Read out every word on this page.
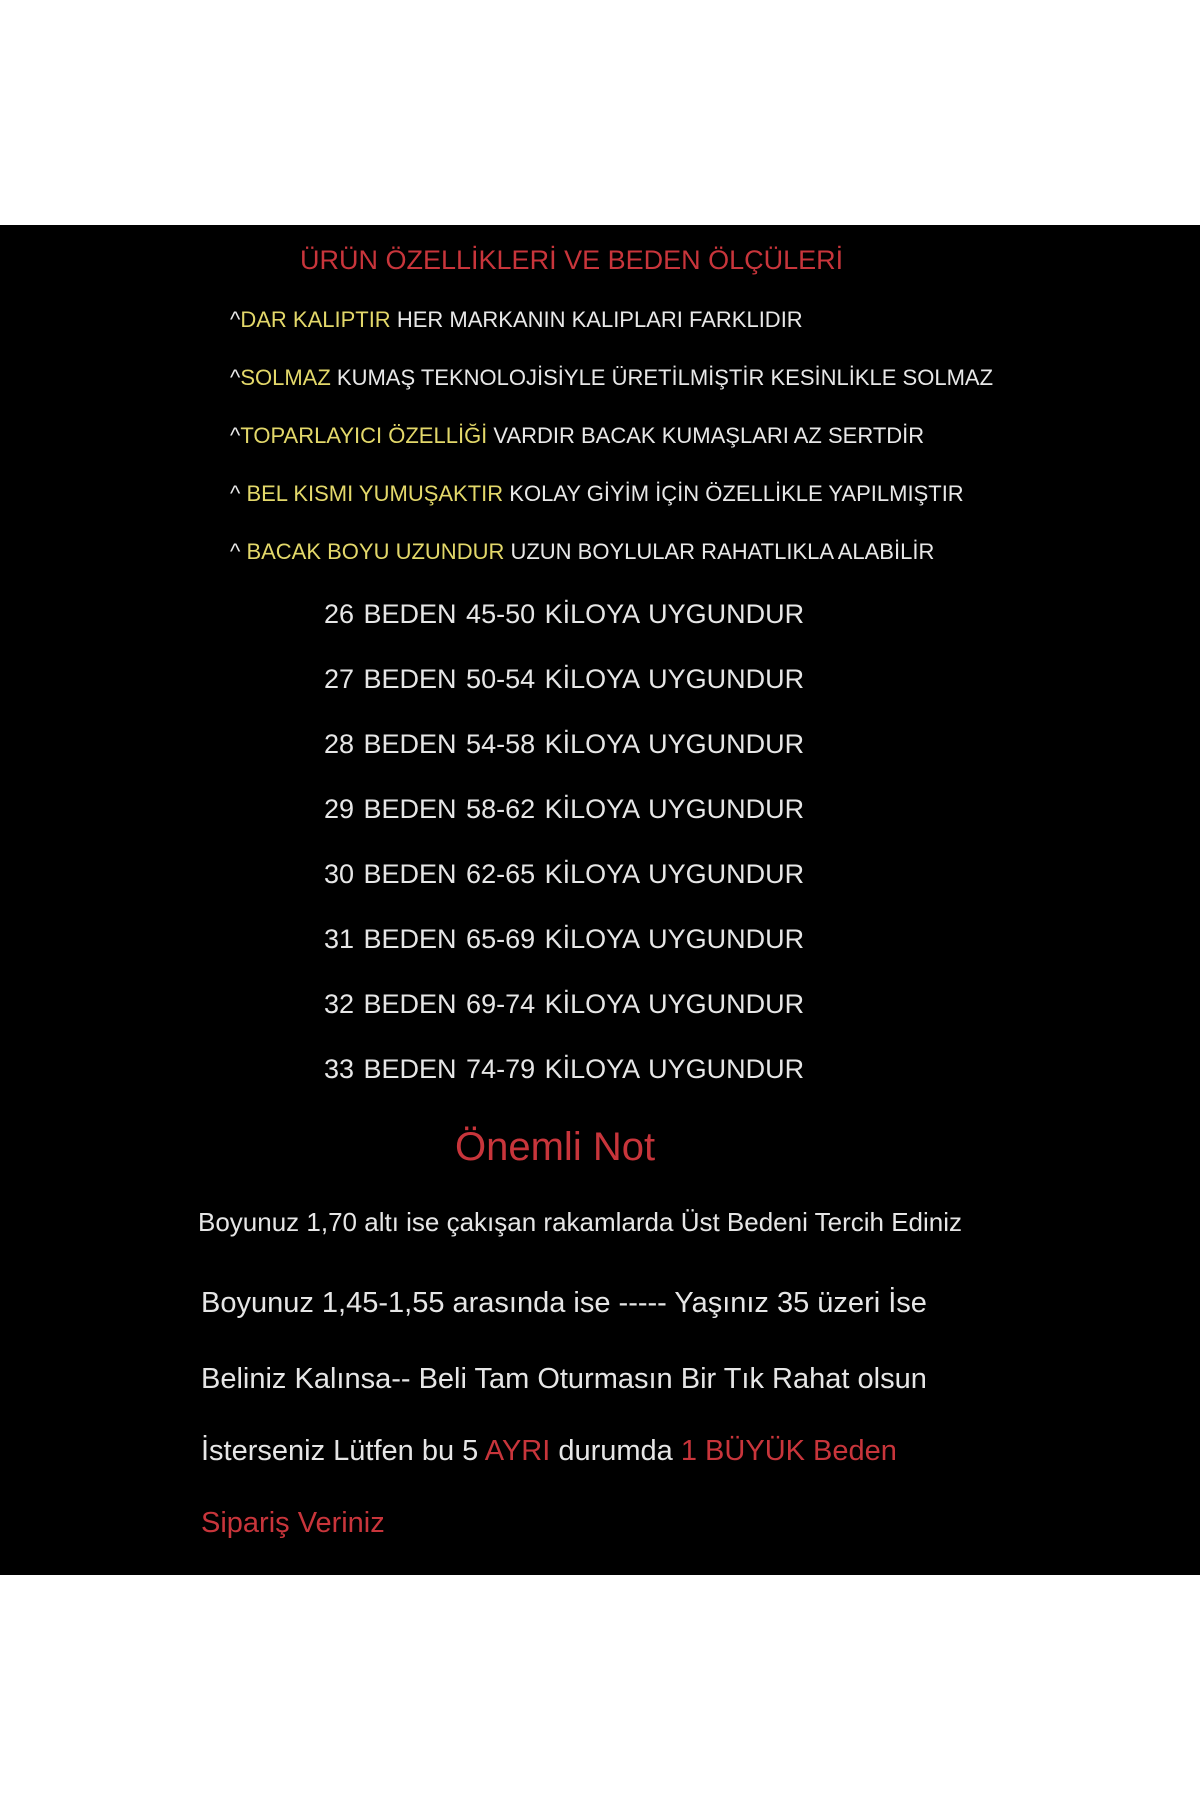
ÜRÜN ÖZELLİKLERİ VE BEDEN ÖLÇÜLERİ

^DAR KALIPTIR HER MARKANIN KALIPLARI FARKLIDIR

^SOLMAZ KUMAŞ TEKNOLOJİSİYLE ÜRETİLMİŞTİR KESİNLİKLE SOLMAZ

^TOPARLAYICI ÖZELLİĞİ VARDIR BACAK KUMAŞLARI AZ SERTDİR

^ BEL KISMI YUMUŞAKTIR KOLAY GİYİM İÇİN ÖZELLİKLE YAPILMIŞTIR

^ BACAK BOYU UZUNDUR UZUN BOYLULAR RAHATLIKLA ALABİLİR

26 BEDEN 45-50 KİLOYA UYGUNDUR

27 BEDEN 50-54 KİLOYA UYGUNDUR

28 BEDEN 54-58 KİLOYA UYGUNDUR

29 BEDEN 58-62 KİLOYA UYGUNDUR

30 BEDEN 62-65 KİLOYA UYGUNDUR

31 BEDEN 65-69 KİLOYA UYGUNDUR

32 BEDEN 69-74 KİLOYA UYGUNDUR

33 BEDEN 74-79 KİLOYA UYGUNDUR

Önemli Not

Boyunuz 1,70 altı ise çakışan rakamlarda Üst Bedeni Tercih Ediniz

Boyunuz 1,45-1,55 arasında ise ----- Yaşınız 35 üzeri İse

Beliniz Kalınsa-- Beli Tam Oturmasın Bir Tık Rahat olsun

İsterseniz Lütfen bu 5 AYRI durumda 1 BÜYÜK Beden

Sipariş Veriniz
